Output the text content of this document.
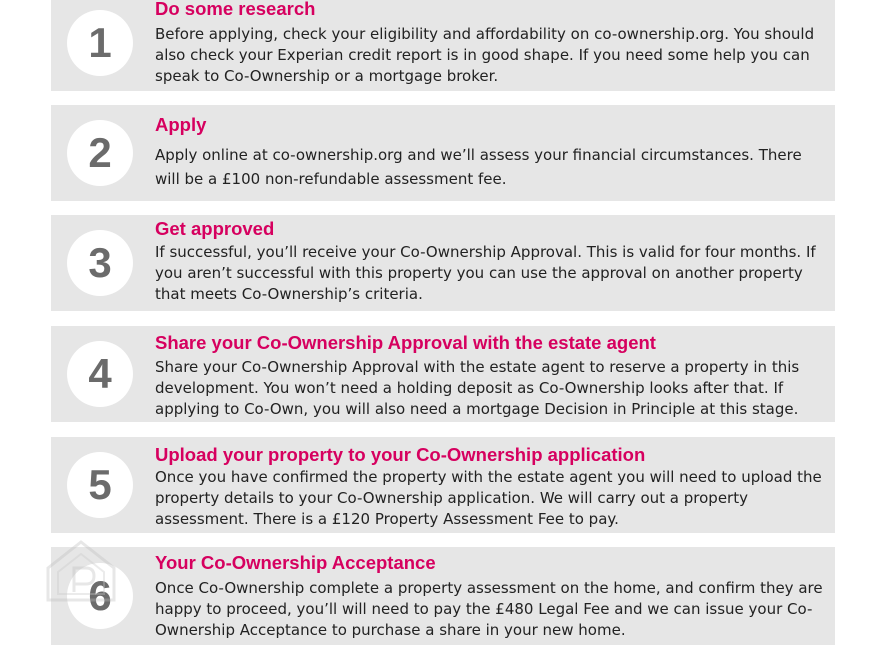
1
Do some research
Before applying, check your eligibility and affordability on co-ownership.org. You should also check your Experian credit report is in good shape. If you need some help you can speak to Co-Ownership or a mortgage broker.
2
Apply
Apply online at co-ownership.org and we’ll assess your financial circumstances. There will be a £100 non-refundable assessment fee.
3
Get approved
If successful, you’ll receive your Co-Ownership Approval. This is valid for four months. If you aren’t successful with this property you can use the approval on another property that meets Co-Ownership’s criteria.
4
Share your Co-Ownership Approval with the estate agent
Share your Co-Ownership Approval with the estate agent to reserve a property in this development. You won’t need a holding deposit as Co-Ownership looks after that. If applying to Co-Own, you will also need a mortgage Decision in Principle at this stage.
5
Upload your property to your Co-Ownership application
Once you have confirmed the property with the estate agent you will need to upload the property details to your Co-Ownership application. We will carry out a property assessment. There is a £120 Property Assessment Fee to pay.
6
Your Co-Ownership Acceptance
Once Co-Ownership complete a property assessment on the home, and confirm they are happy to proceed, you’ll will need to pay the £480 Legal Fee and we can issue your Co-Ownership Acceptance to purchase a share in your new home.
